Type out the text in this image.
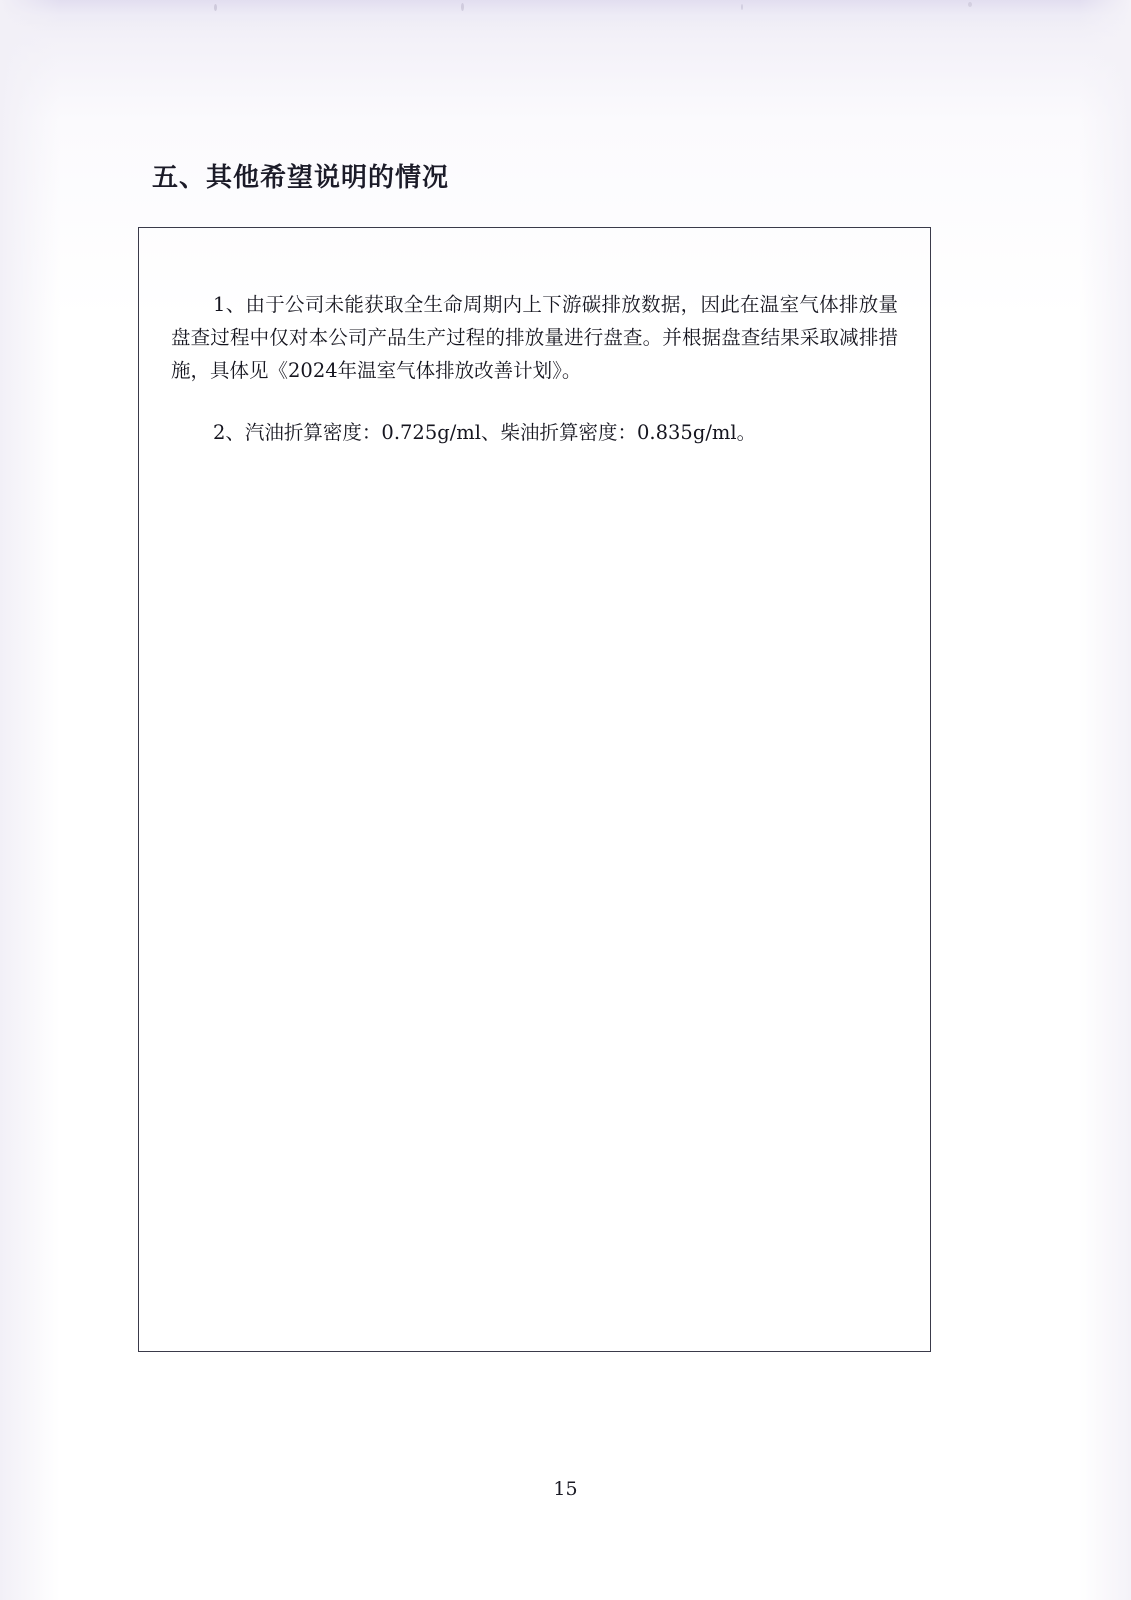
五、其他希望说明的情况

1、由于公司未能获取全生命周期内上下游碳排放数据，因此在温室气体排放量盘查过程中仅对本公司产品生产过程的排放量进行盘查。并根据盘查结果采取减排措施，具体见《2024年温室气体排放改善计划》。

2、汽油折算密度：0.725g/ml、柴油折算密度：0.835g/ml。

15
